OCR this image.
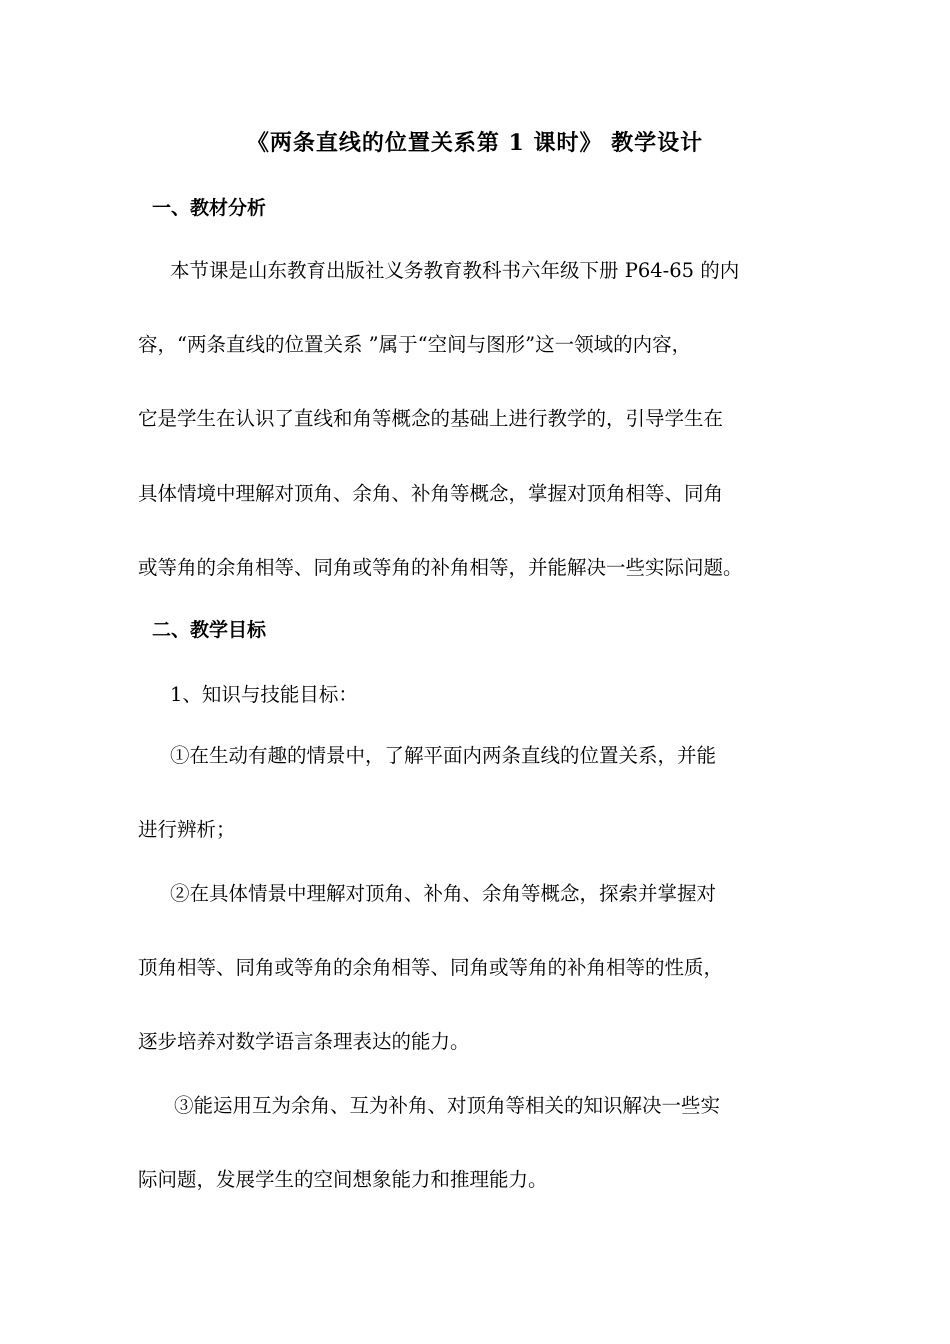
《两条直线的位置关系第 1 课时》 教学设计
一、教材分析
本节课是山东教育出版社义务教育教科书六年级下册 P64-65 的内
容，“两条直线的位置关系 ”属于“空间与图形”这一领域的内容，
它是学生在认识了直线和角等概念的基础上进行教学的，引导学生在
具体情境中理解对顶角、余角、补角等概念，掌握对顶角相等、同角
或等角的余角相等、同角或等角的补角相等，并能解决一些实际问题。
二、教学目标
1、知识与技能目标：
①在生动有趣的情景中，了解平面内两条直线的位置关系，并能
进行辨析；
②在具体情景中理解对顶角、补角、余角等概念，探索并掌握对
顶角相等、同角或等角的余角相等、同角或等角的补角相等的性质，
逐步培养对数学语言条理表达的能力。
③能运用互为余角、互为补角、对顶角等相关的知识解决一些实
际问题，发展学生的空间想象能力和推理能力。
